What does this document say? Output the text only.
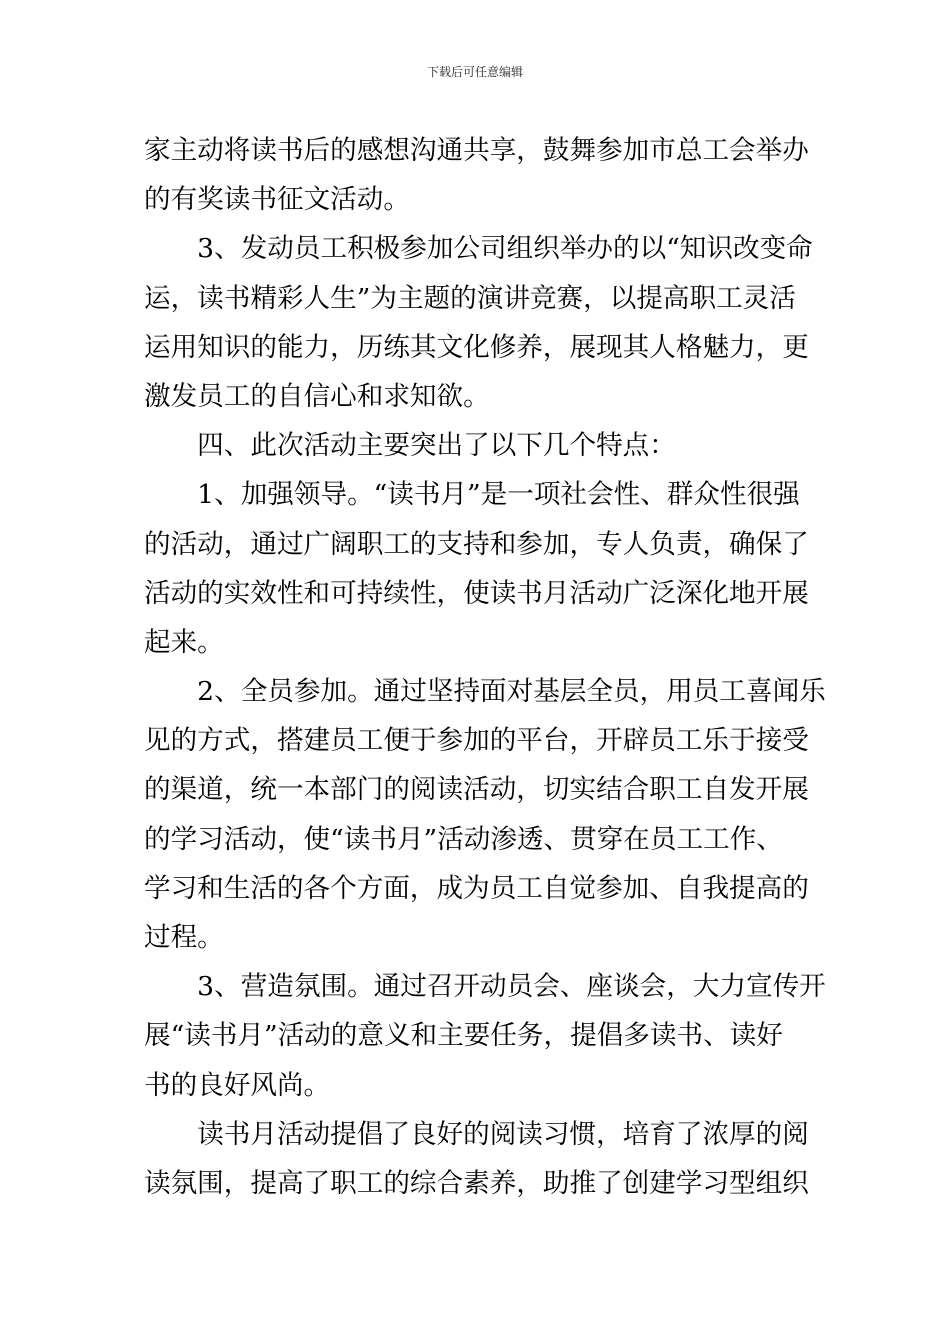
下载后可任意编辑
家主动将读书后的感想沟通共享，鼓舞参加市总工会举办
的有奖读书征文活动。
　　3、发动员工积极参加公司组织举办的以“知识改变命
运，读书精彩人生”为主题的演讲竞赛，以提高职工灵活
运用知识的能力，历练其文化修养，展现其人格魅力，更
激发员工的自信心和求知欲。
　　四、此次活动主要突出了以下几个特点：
　　1、加强领导。“读书月”是一项社会性、群众性很强
的活动，通过广阔职工的支持和参加，专人负责，确保了
活动的实效性和可持续性，使读书月活动广泛深化地开展
起来。
　　2、全员参加。通过坚持面对基层全员，用员工喜闻乐
见的方式，搭建员工便于参加的平台，开辟员工乐于接受
的渠道，统一本部门的阅读活动，切实结合职工自发开展
的学习活动，使“读书月”活动渗透、贯穿在员工工作、
学习和生活的各个方面，成为员工自觉参加、自我提高的
过程。
　　3、营造氛围。通过召开动员会、座谈会，大力宣传开
展“读书月”活动的意义和主要任务，提倡多读书、读好
书的良好风尚。
　　读书月活动提倡了良好的阅读习惯，培育了浓厚的阅
读氛围，提高了职工的综合素养，助推了创建学习型组织
